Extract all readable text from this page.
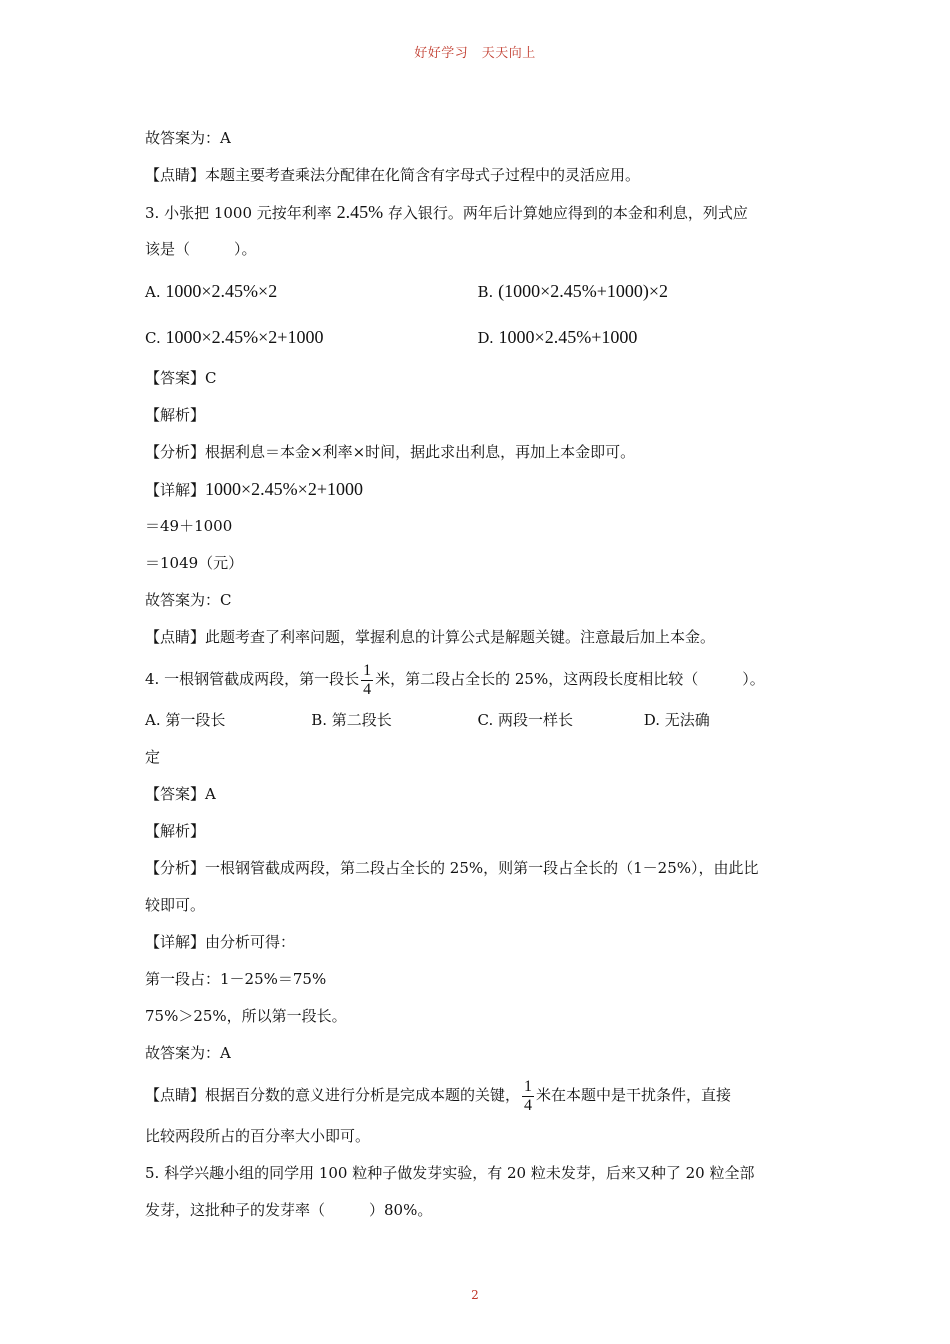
好好学习　天天向上
故答案为：A
【点睛】本题主要考查乘法分配律在化简含有字母式子过程中的灵活应用。
3. 小张把 1000 元按年利率 2.45% 存入银行。两年后计算她应得到的本金和利息，列式应
该是（	）。
A. 1000×2.45%×2	B. (1000×2.45%+1000)×2
C. 1000×2.45%×2+1000	D. 1000×2.45%+1000
【答案】C
【解析】
【分析】根据利息＝本金×利率×时间，据此求出利息，再加上本金即可。
【详解】1000×2.45%×2+1000
＝49＋1000
＝1049（元）
故答案为：C
【点睛】此题考查了利率问题，掌握利息的计算公式是解题关键。注意最后加上本金。
4. 一根钢管截成两段，第一段长 $\frac{1}{4}$ 米，第二段占全长的 25%，这两段长度相比较（	）。
A. 第一段长	B. 第二段长	C. 两段一样长	D. 无法确
定
【答案】A
【解析】
【分析】一根钢管截成两段，第二段占全长的 25%，则第一段占全长的（1－25%），由此比
较即可。
【详解】由分析可得：
第一段占：1－25%＝75%
75%＞25%，所以第一段长。
故答案为：A
【点睛】根据百分数的意义进行分析是完成本题的关键， $\frac{1}{4}$ 米在本题中是干扰条件，直接
比较两段所占的百分率大小即可。
5. 科学兴趣小组的同学用 100 粒种子做发芽实验，有 20 粒未发芽，后来又种了 20 粒全部
发芽，这批种子的发芽率（	）80%。
2
